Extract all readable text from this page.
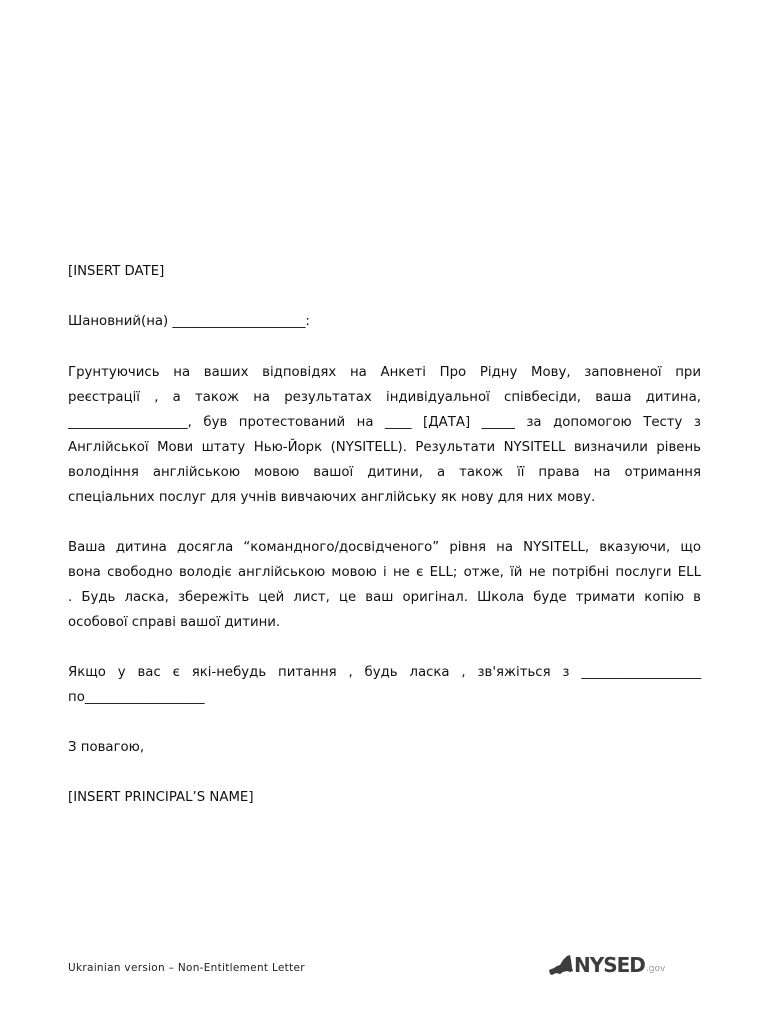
[INSERT DATE]
Шановний(на) ____________________:
Грунтуючись на ваших відповідях на Анкеті Про Рідну Мову, заповненої при
реєстрації , а також на результатах індивідуальної співбесіди, ваша дитина,
__________________, був протестований на ____ [ДАТА] _____ за допомогою Тесту з
Англійської Мови штату Нью-Йорк (NYSITELL). Результати NYSITELL визначили рівень
володіння англійською мовою вашої дитини, а також її права на отримання
спеціальних послуг для учнів вивчаючих англійську як нову для них мову.
Ваша дитина досягла “командного/досвідченого” рівня на NYSITELL, вказуючи, що
вона свободно володіє англійською мовою і не є ELL; отже, їй не потрібні послуги ELL
. Будь ласка, збережіть цей лист, це ваш оригінал. Школа буде тримати копію в
особової справі вашої дитини.
Якщо у вас є які-небудь питання , будь ласка , зв'яжіться з __________________
по__________________
З повагою,
[INSERT PRINCIPAL’S NAME]
Ukrainian version – Non-Entitlement Letter	NYSED .gov
